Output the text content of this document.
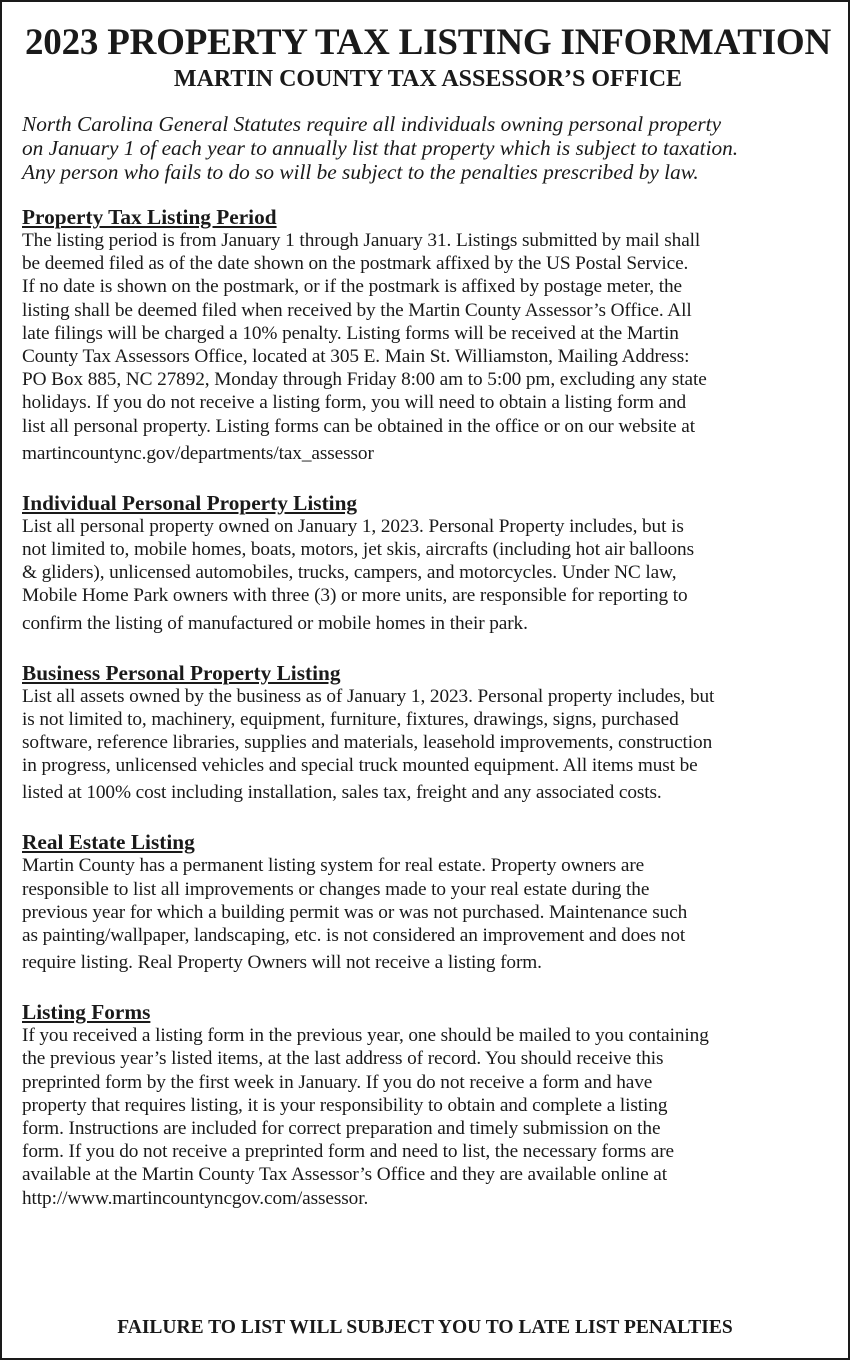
2023 PROPERTY TAX LISTING INFORMATION
MARTIN COUNTY TAX ASSESSOR’S OFFICE

North Carolina General Statutes require all individuals owning personal property
on January 1 of each year to annually list that property which is subject to taxation.
Any person who fails to do so will be subject to the penalties prescribed by law.

Property Tax Listing Period

The listing period is from January 1 through January 31. Listings submitted by mail shall
be deemed filed as of the date shown on the postmark affixed by the US Postal Service.
If no date is shown on the postmark, or if the postmark is affixed by postage meter, the
listing shall be deemed filed when received by the Martin County Assessor’s Office. All
late filings will be charged a 10% penalty. Listing forms will be received at the Martin
County Tax Assessors Office, located at 305 E. Main St. Williamston, Mailing Address:
PO Box 885, NC 27892, Monday through Friday 8:00 am to 5:00 pm, excluding any state
holidays. If you do not receive a listing form, you will need to obtain a listing form and
list all personal property. Listing forms can be obtained in the office or on our website at
martincountync.gov/departments/tax_assessor

Individual Personal Property Listing

List all personal property owned on January 1, 2023. Personal Property includes, but is
not limited to, mobile homes, boats, motors, jet skis, aircrafts (including hot air balloons
& gliders), unlicensed automobiles, trucks, campers, and motorcycles. Under NC law,
Mobile Home Park owners with three (3) or more units, are responsible for reporting to
confirm the listing of manufactured or mobile homes in their park.

Business Personal Property Listing

List all assets owned by the business as of January 1, 2023. Personal property includes, but
is not limited to, machinery, equipment, furniture, fixtures, drawings, signs, purchased
software, reference libraries, supplies and materials, leasehold improvements, construction
in progress, unlicensed vehicles and special truck mounted equipment. All items must be
listed at 100% cost including installation, sales tax, freight and any associated costs.

Real Estate Listing

Martin County has a permanent listing system for real estate. Property owners are
responsible to list all improvements or changes made to your real estate during the
previous year for which a building permit was or was not purchased. Maintenance such
as painting/wallpaper, landscaping, etc. is not considered an improvement and does not
require listing. Real Property Owners will not receive a listing form.

Listing Forms

If you received a listing form in the previous year, one should be mailed to you containing
the previous year’s listed items, at the last address of record. You should receive this
preprinted form by the first week in January. If you do not receive a form and have
property that requires listing, it is your responsibility to obtain and complete a listing
form. Instructions are included for correct preparation and timely submission on the
form. If you do not receive a preprinted form and need to list, the necessary forms are
available at the Martin County Tax Assessor’s Office and they are available online at
http://www.martincountyncgov.com/assessor.

FAILURE TO LIST WILL SUBJECT YOU TO LATE LIST PENALTIES
